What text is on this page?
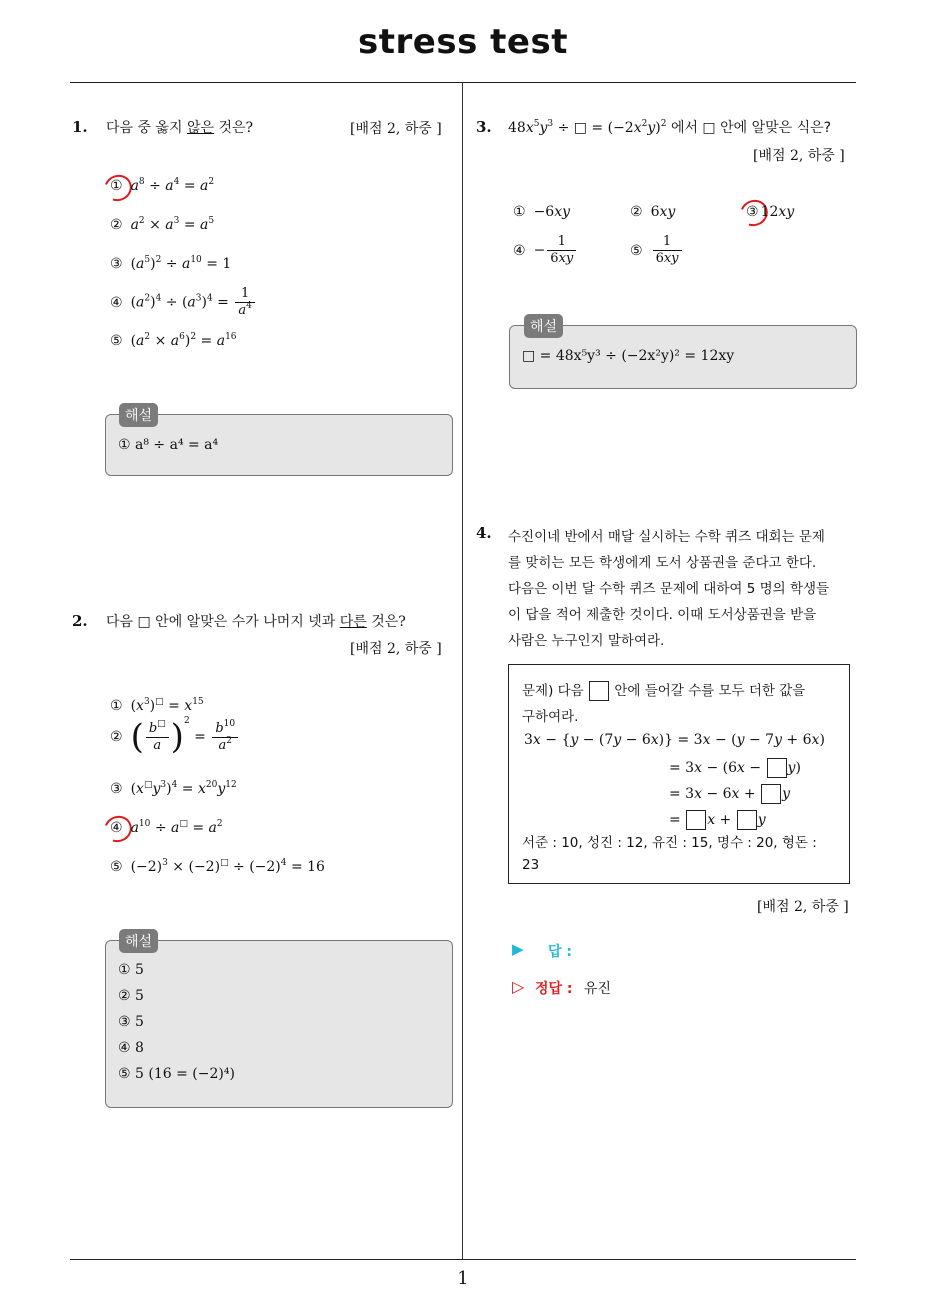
stress test
1
1. 다음 중 옳지 않은 것은?	[배점 2, 하중 ]
① $a^8 \div a^4 = a^2$
② $a^2 \times a^3 = a^5$
③ $(a^5)^2 \div a^{10} = 1$
④ $(a^2)^4 \div (a^3)^4 = \frac{1}{a^4}$
⑤ $(a^2 \times a^6)^2 = a^{16}$
해설
① a⁸ ÷ a⁴ = a⁴
2. 다음 □ 안에 알맞은 수가 나머지 넷과 다른 것은?
[배점 2, 하중 ]
① $(x^3)^□ = x^{15}$
② ( $\frac{b^□}{a} )^2 = \frac{b^{10}}{a^2}$
③ $(x^□y^3)^4 = x^{20}y^{12}$
④ $a^{10} \div a^□ = a^2$
⑤ $(-2)^3 \times (-2)^□ \div (-2)^4 = 16$
해설
① 5
② 5
③ 5
④ 8
⑤ 5 (16 = (−2)⁴)
3. $48x^5y^3$ ÷ □ = $(-2x^2y)^2$ 에서 □ 안에 알맞은 식은?
[배점 2, 하중 ]
① −6xy	② 6xy	③ 12xy
④ − $\frac{1}{6xy}$	⑤ $\frac{1}{6xy}$
해설
□ = 48x⁵y³ ÷ (−2x²y)² = 12xy
4. 수진이네 반에서 매달 실시하는 수학 퀴즈 대회는 문제
를 맞히는 모든 학생에게 도서 상품권을 준다고 한다.
다음은 이번 달 수학 퀴즈 문제에 대하여 5 명의 학생들
이 답을 적어 제출한 것이다. 이때 도서상품권을 받을
사람은 누구인지 말하여라.
문제) 다음 안에 들어갈 수를 모두 더한 값을
구하여라.
3x − {y − (7y − 6x)} = 3x − (y − 7y + 6x)
= 3x − (6x − y)
= 3x − 6x + y
= x + y
서준 : 10, 성진 : 12, 유진 : 15, 명수 : 20, 형돈 :
23
[배점 2, 하중 ]
▶ 답 :
▷ 정답 : 유진
